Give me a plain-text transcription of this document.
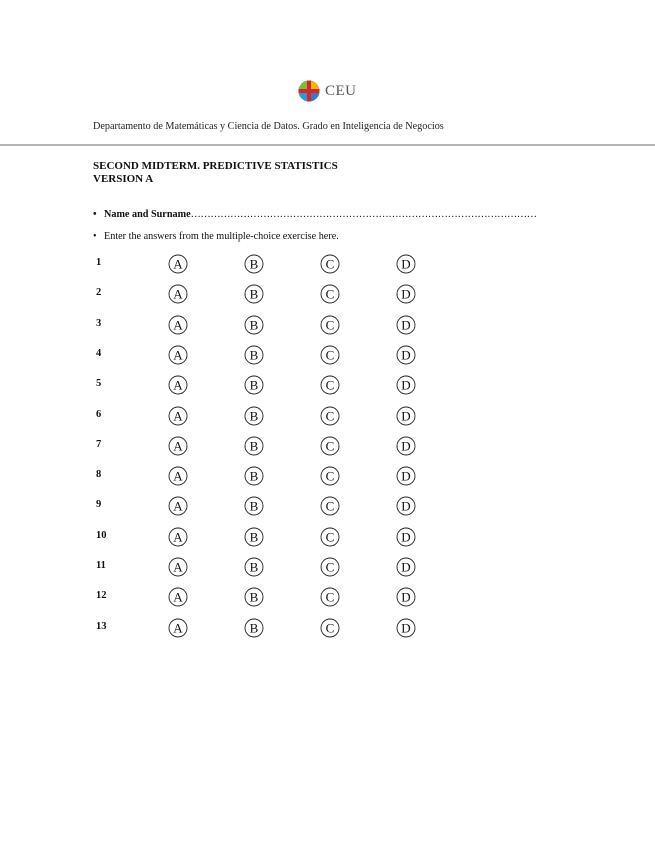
CEU
Departamento de Matemáticas y Ciencia de Datos. Grado en Inteligencia de Negocios
SECOND MIDTERM. PREDICTIVE STATISTICS
VERSION A
• Name and Surname……………………………………………………………………………………………
• Enter the answers from the multiple-choice exercise here.
1	A	B	C	D
2	A	B	C	D
3	A	B	C	D
4	A	B	C	D
5	A	B	C	D
6	A	B	C	D
7	A	B	C	D
8	A	B	C	D
9	A	B	C	D
10	A	B	C	D
11	A	B	C	D
12	A	B	C	D
13	A	B	C	D
